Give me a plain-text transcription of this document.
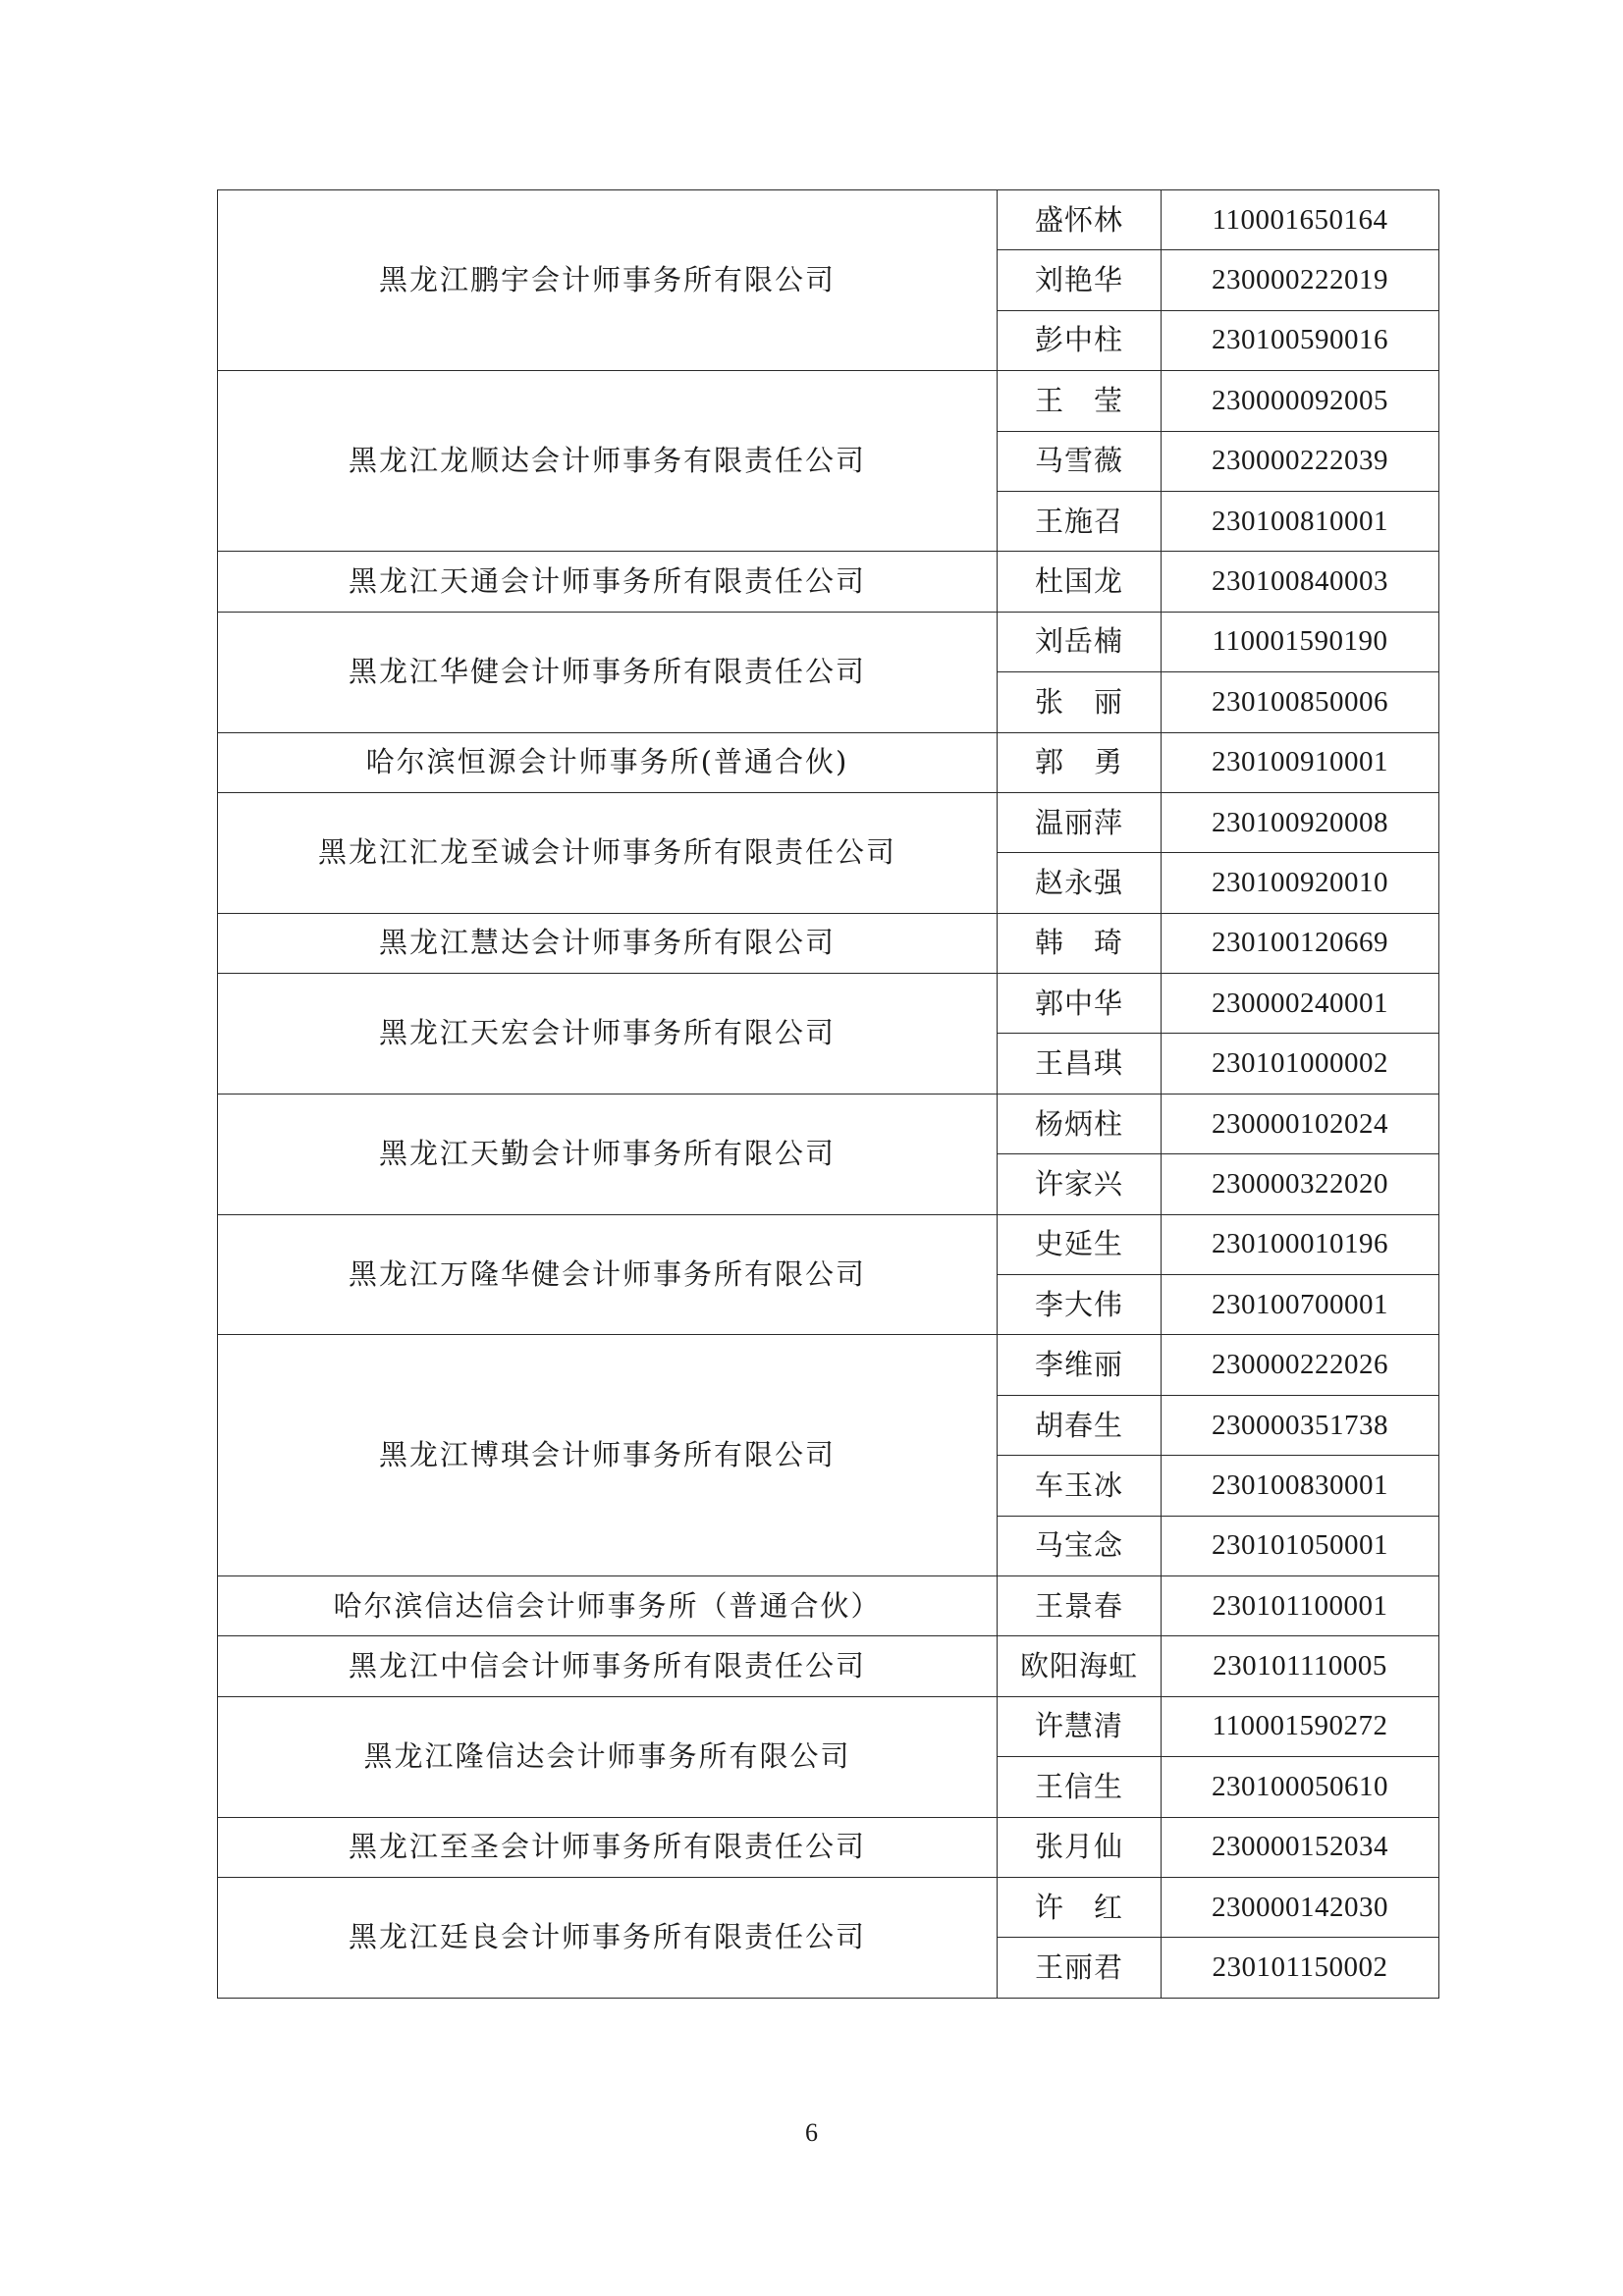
黑龙江鹏宇会计师事务所有限公司	盛怀林	110001650164
	刘艳华	230000222019
	彭中柱	230100590016
黑龙江龙顺达会计师事务有限责任公司	王　莹	230000092005
	马雪薇	230000222039
	王施召	230100810001
黑龙江天通会计师事务所有限责任公司	杜国龙	230100840003
黑龙江华健会计师事务所有限责任公司	刘岳楠	110001590190
	张　丽	230100850006
哈尔滨恒源会计师事务所(普通合伙)	郭　勇	230100910001
黑龙江汇龙至诚会计师事务所有限责任公司	温丽萍	230100920008
	赵永强	230100920010
黑龙江慧达会计师事务所有限公司	韩　琦	230100120669
黑龙江天宏会计师事务所有限公司	郭中华	230000240001
	王昌琪	230101000002
黑龙江天勤会计师事务所有限公司	杨炳柱	230000102024
	许家兴	230000322020
黑龙江万隆华健会计师事务所有限公司	史延生	230100010196
	李大伟	230100700001
黑龙江博琪会计师事务所有限公司	李维丽	230000222026
	胡春生	230000351738
	车玉冰	230100830001
	马宝念	230101050001
哈尔滨信达信会计师事务所（普通合伙）	王景春	230101100001
黑龙江中信会计师事务所有限责任公司	欧阳海虹	230101110005
黑龙江隆信达会计师事务所有限公司	许慧清	110001590272
	王信生	230100050610
黑龙江至圣会计师事务所有限责任公司	张月仙	230000152034
黑龙江廷良会计师事务所有限责任公司	许　红	230000142030
	王丽君	230101150002
6
